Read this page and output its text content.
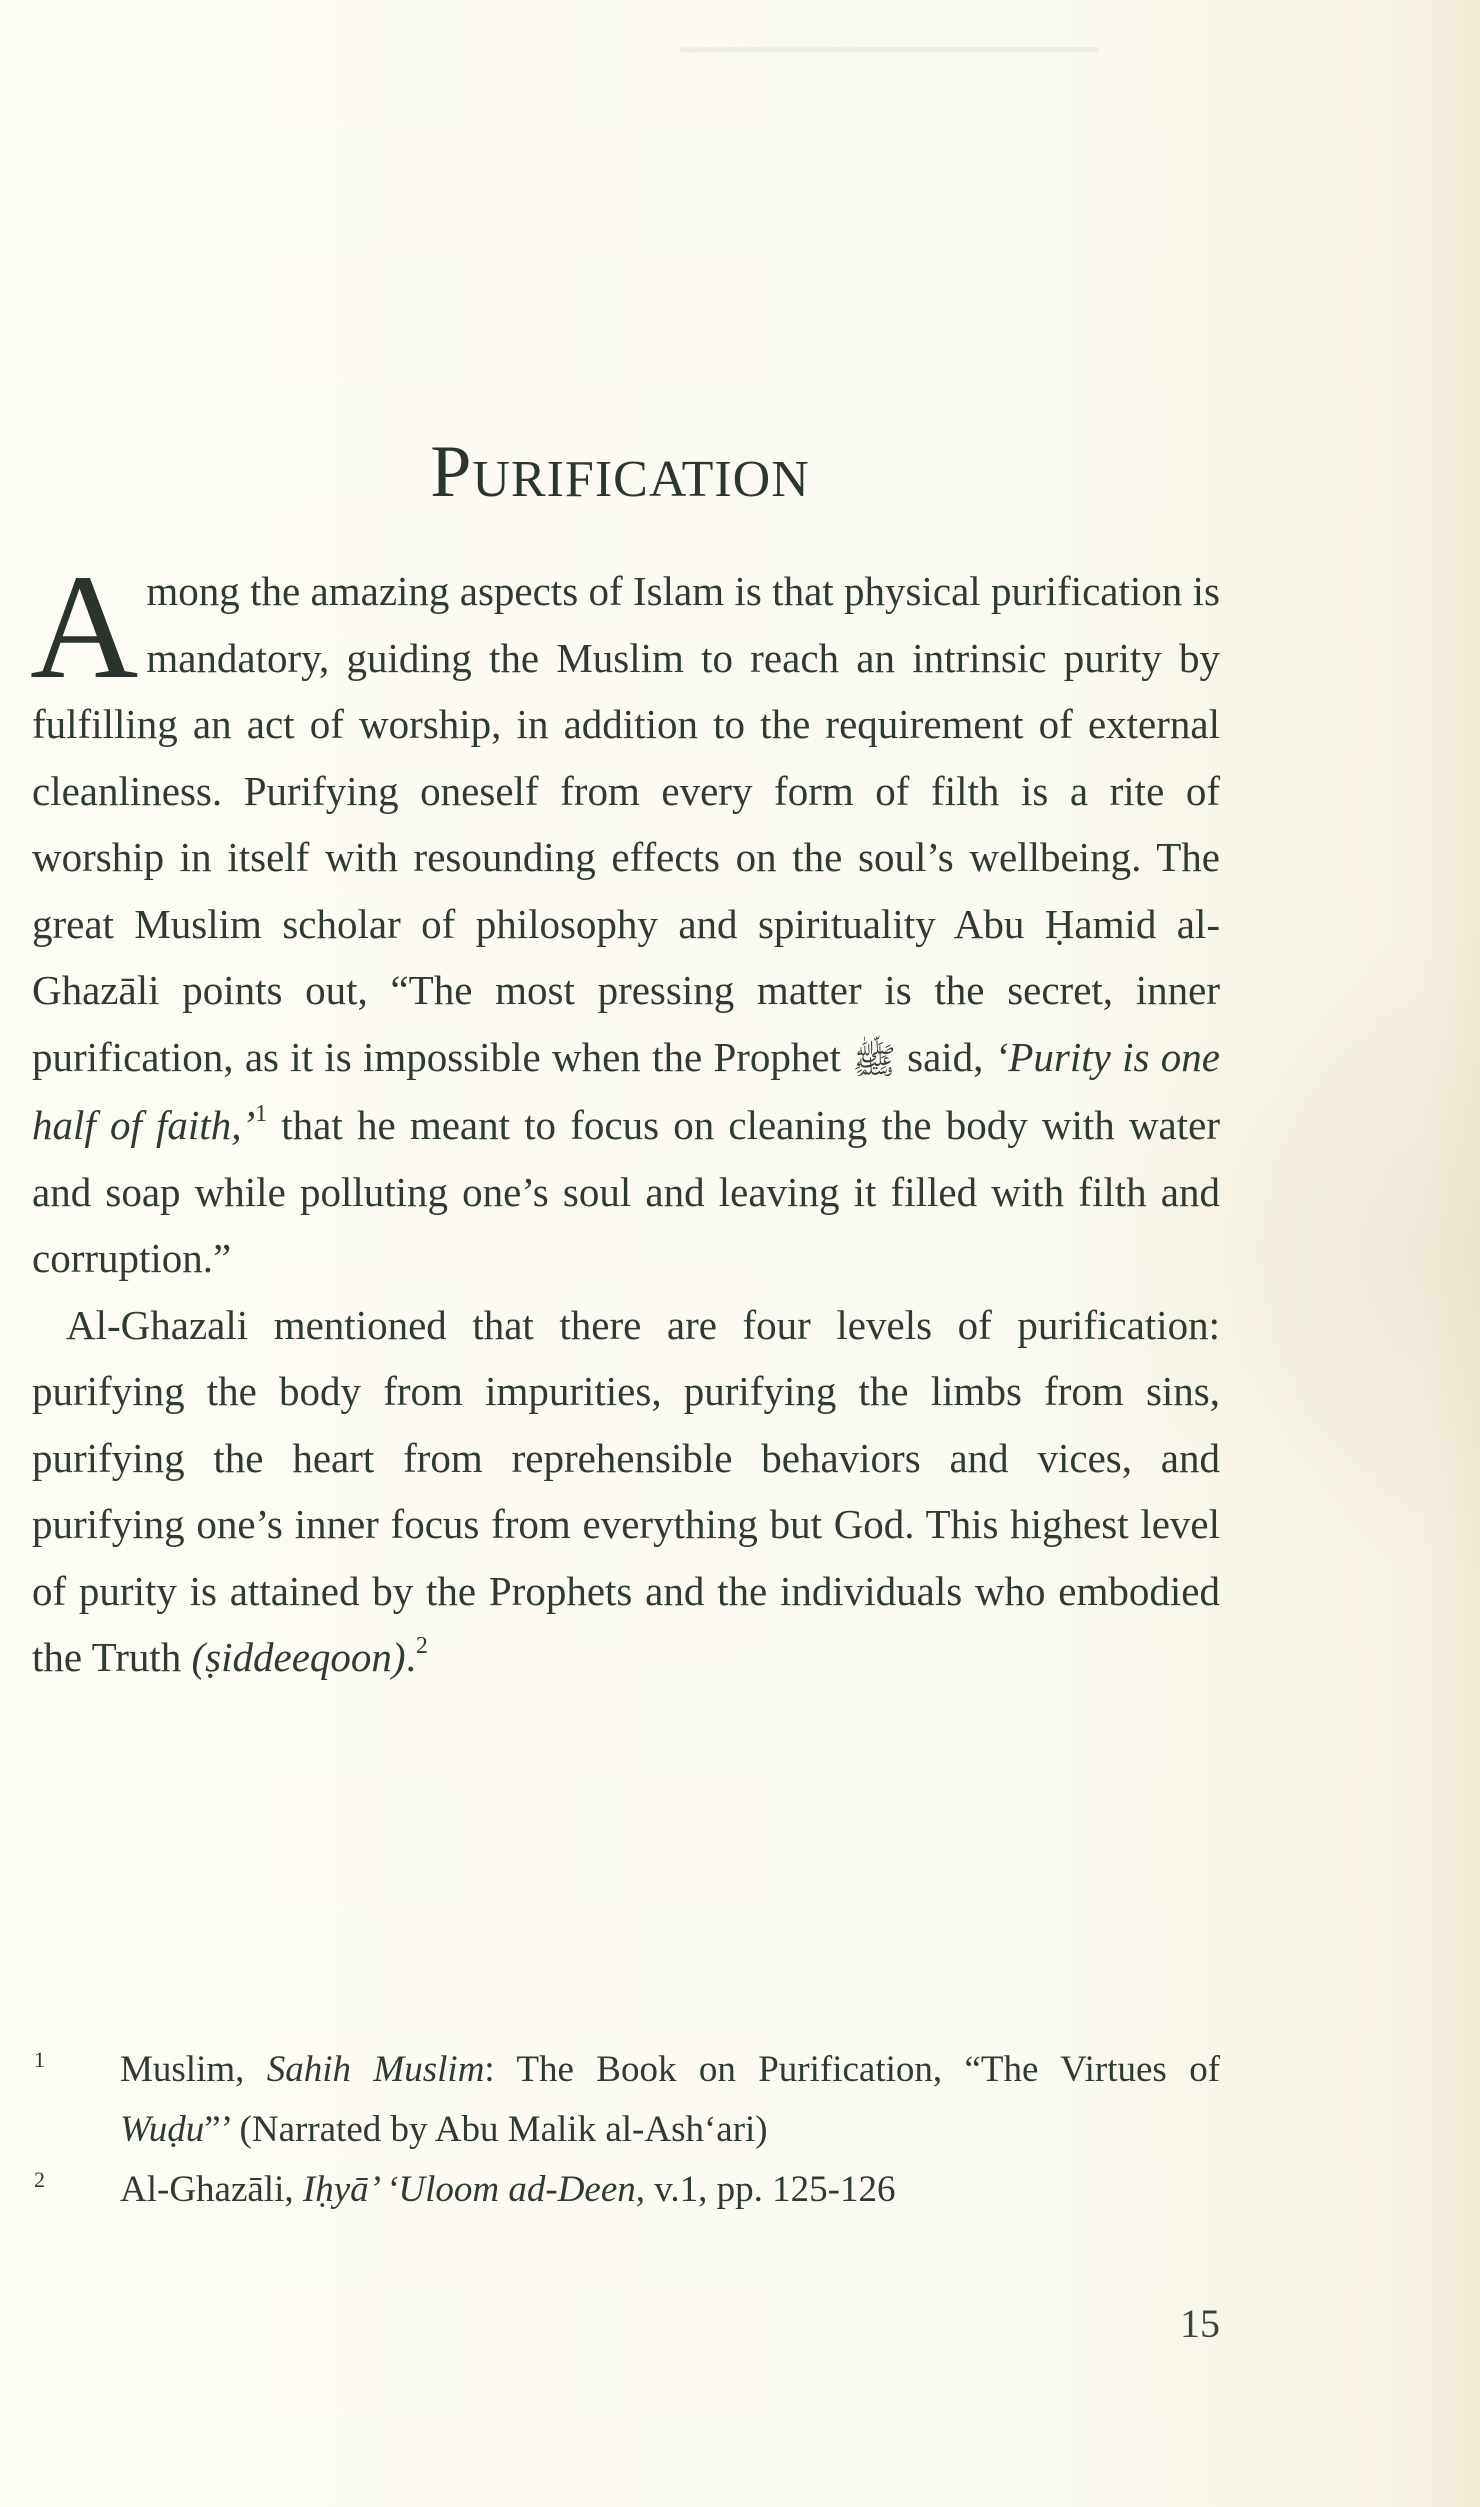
▔▔▔▔▔▔▔▔▔▔▔▔▔▔▔▔
Purification

Among the amazing aspects of Islam is that physical purification is mandatory, guiding the Muslim to reach an intrinsic purity by fulfilling an act of worship, in addition to the requirement of external cleanliness. Purifying oneself from every form of filth is a rite of worship in itself with resounding effects on the soul’s wellbeing. The great Muslim scholar of philosophy and spirituality Abu Ḥamid al-Ghazāli points out, “The most pressing matter is the secret, inner purification, as it is impossible when the Prophet ﷺ said, ‘Purity is one half of faith,’$^1$ that he meant to focus on cleaning the body with water and soap while polluting one’s soul and leaving it filled with filth and corruption.”

Al-Ghazali mentioned that there are four levels of purification: purifying the body from impurities, purifying the limbs from sins, purifying the heart from reprehensible behaviors and vices, and purifying one’s inner focus from everything but God. This highest level of purity is attained by the Prophets and the individuals who embodied the Truth (ṣiddeeqoon).$^2$

1	Muslim, Sahih Muslim: The Book on Purification, “The Virtues of Wuḍu”’ (Narrated by Abu Malik al-Ash‘ari)
2	Al-Ghazāli, Iḥyā’ ‘Uloom ad-Deen, v.1, pp. 125-126
15
